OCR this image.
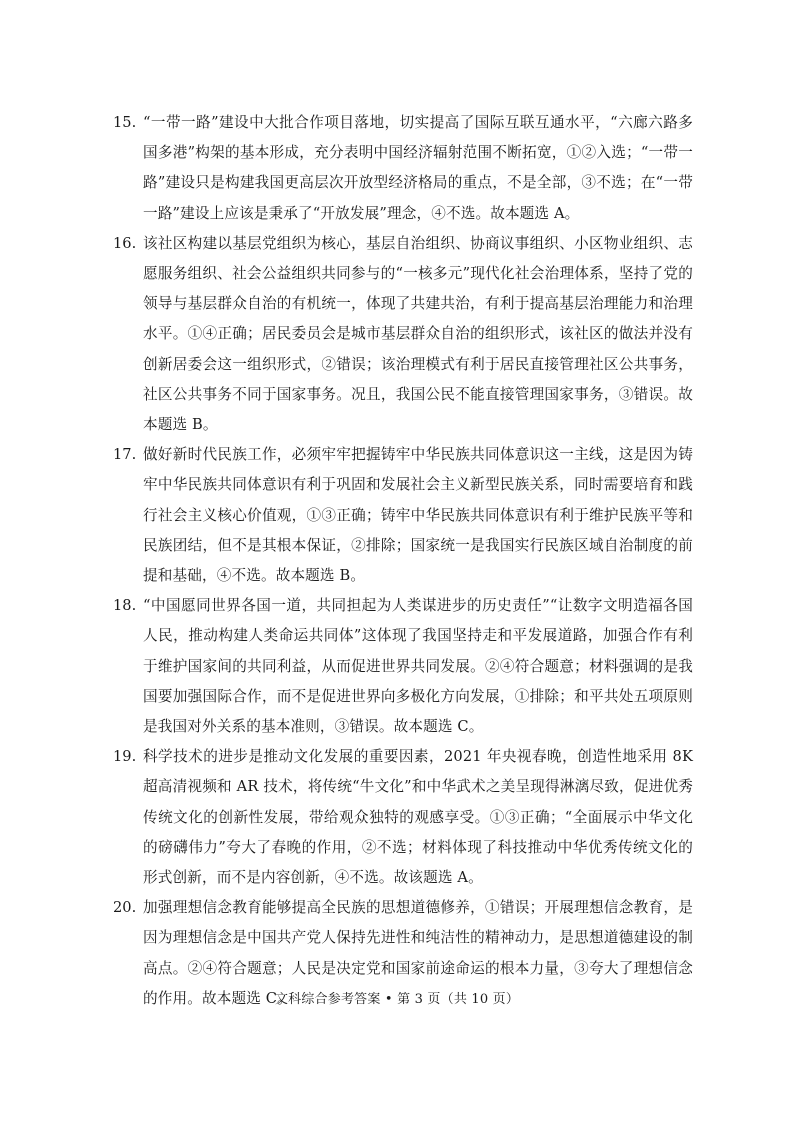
15. “一带一路”建设中大批合作项目落地，切实提高了国际互联互通水平，“六廊六路多国多港”构架的基本形成，充分表明中国经济辐射范围不断拓宽，①②入选；“一带一路”建设只是构建我国更高层次开放型经济格局的重点，不是全部，③不选；在“一带一路”建设上应该是秉承了“开放发展”理念，④不选。故本题选 A。
16. 该社区构建以基层党组织为核心，基层自治组织、协商议事组织、小区物业组织、志愿服务组织、社会公益组织共同参与的“一核多元”现代化社会治理体系，坚持了党的领导与基层群众自治的有机统一，体现了共建共治，有利于提高基层治理能力和治理水平。①④正确；居民委员会是城市基层群众自治的组织形式，该社区的做法并没有创新居委会这一组织形式，②错误；该治理模式有利于居民直接管理社区公共事务，社区公共事务不同于国家事务。况且，我国公民不能直接管理国家事务，③错误。故本题选 B。
17. 做好新时代民族工作，必须牢牢把握铸牢中华民族共同体意识这一主线，这是因为铸牢中华民族共同体意识有利于巩固和发展社会主义新型民族关系，同时需要培育和践行社会主义核心价值观，①③正确；铸牢中华民族共同体意识有利于维护民族平等和民族团结，但不是其根本保证，②排除；国家统一是我国实行民族区域自治制度的前提和基础，④不选。故本题选 B。
18. “中国愿同世界各国一道，共同担起为人类谋进步的历史责任”“让数字文明造福各国人民，推动构建人类命运共同体”这体现了我国坚持走和平发展道路，加强合作有利于维护国家间的共同利益，从而促进世界共同发展。②④符合题意；材料强调的是我国要加强国际合作，而不是促进世界向多极化方向发展，①排除；和平共处五项原则是我国对外关系的基本准则，③错误。故本题选 C。
19. 科学技术的进步是推动文化发展的重要因素，2021 年央视春晚，创造性地采用 8K 超高清视频和 AR 技术，将传统“牛文化”和中华武术之美呈现得淋漓尽致，促进优秀传统文化的创新性发展，带给观众独特的观感享受。①③正确；“全面展示中华文化的磅礴伟力”夸大了春晚的作用，②不选；材料体现了科技推动中华优秀传统文化的形式创新，而不是内容创新，④不选。故该题选 A。
20. 加强理想信念教育能够提高全民族的思想道德修养，①错误；开展理想信念教育，是因为理想信念是中国共产党人保持先进性和纯洁性的精神动力，是思想道德建设的制高点。②④符合题意；人民是决定党和国家前途命运的根本力量，③夸大了理想信念的作用。故本题选 C。
文科综合参考答案 • 第 3 页（共 10 页）
